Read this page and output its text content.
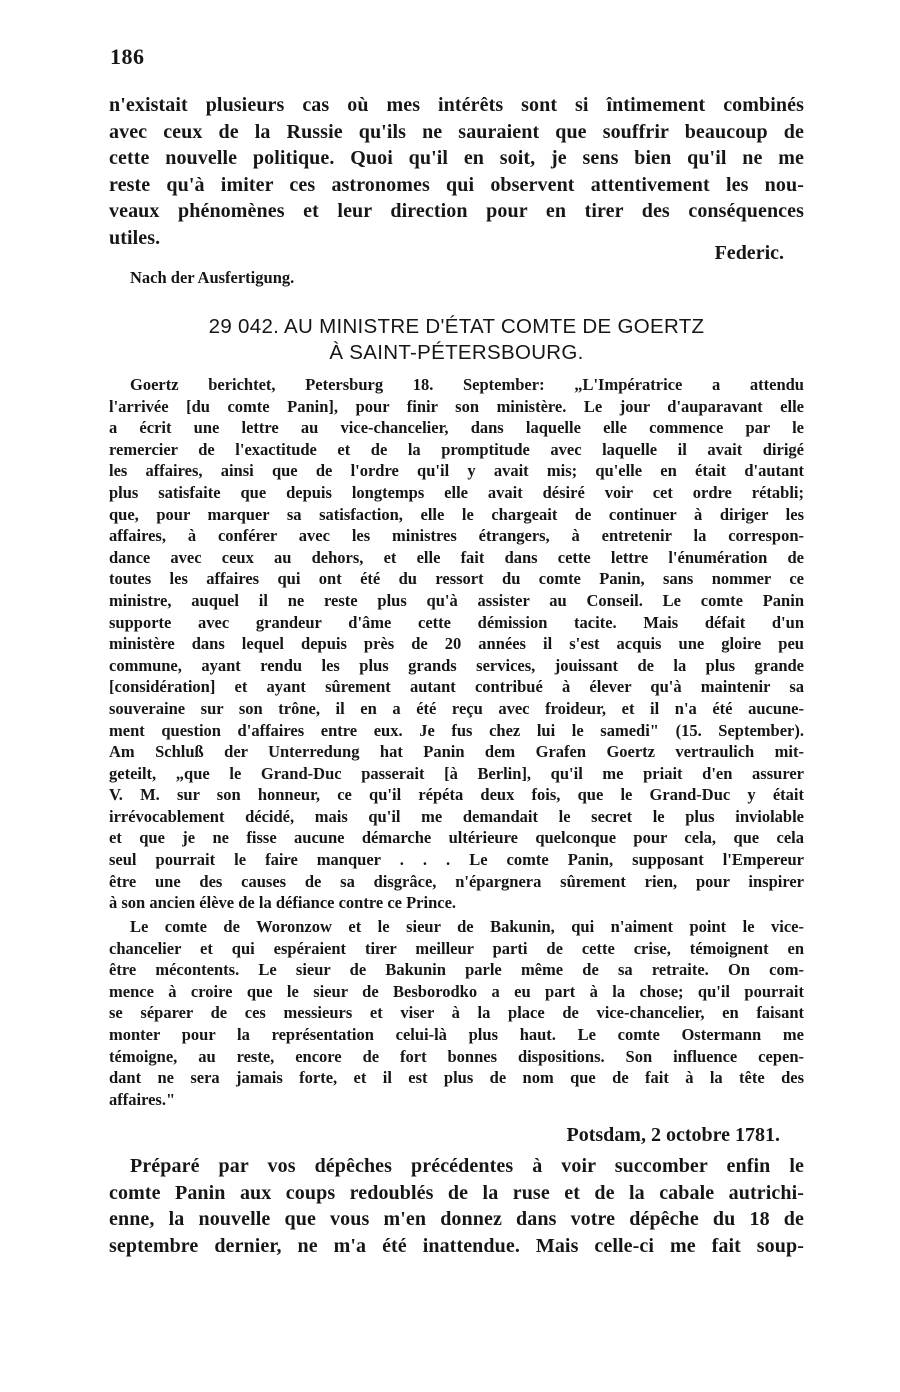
186
n'existait plusieurs cas où mes intérêts sont si întimement combinés
avec ceux de la Russie qu'ils ne sauraient que souffrir beaucoup de
cette nouvelle politique. Quoi qu'il en soit, je sens bien qu'il ne me
reste qu'à imiter ces astronomes qui observent attentivement les nou-
veaux phénomènes et leur direction pour en tirer des conséquences
utiles.
Federic.
Nach der Ausfertigung.
29 042. AU MINISTRE D'ÉTAT COMTE DE GOERTZ
À SAINT-PÉTERSBOURG.
Goertz berichtet, Petersburg 18. September: „L'Impératrice a attendu
l'arrivée [du comte Panin], pour finir son ministère. Le jour d'auparavant elle
a écrit une lettre au vice-chancelier, dans laquelle elle commence par le
remercier de l'exactitude et de la promptitude avec laquelle il avait dirigé
les affaires, ainsi que de l'ordre qu'il y avait mis; qu'elle en était d'autant
plus satisfaite que depuis longtemps elle avait désiré voir cet ordre rétabli;
que, pour marquer sa satisfaction, elle le chargeait de continuer à diriger les
affaires, à conférer avec les ministres étrangers, à entretenir la correspon-
dance avec ceux au dehors, et elle fait dans cette lettre l'énumération de
toutes les affaires qui ont été du ressort du comte Panin, sans nommer ce
ministre, auquel il ne reste plus qu'à assister au Conseil. Le comte Panin
supporte avec grandeur d'âme cette démission tacite. Mais défait d'un
ministère dans lequel depuis près de 20 années il s'est acquis une gloire peu
commune, ayant rendu les plus grands services, jouissant de la plus grande
[considération] et ayant sûrement autant contribué à élever qu'à maintenir sa
souveraine sur son trône, il en a été reçu avec froideur, et il n'a été aucune-
ment question d'affaires entre eux. Je fus chez lui le samedi" (15. September).
Am Schluß der Unterredung hat Panin dem Grafen Goertz vertraulich mit-
geteilt, „que le Grand-Duc passerait [à Berlin], qu'il me priait d'en assurer
V. M. sur son honneur, ce qu'il répéta deux fois, que le Grand-Duc y était
irrévocablement décidé, mais qu'il me demandait le secret le plus inviolable
et que je ne fisse aucune démarche ultérieure quelconque pour cela, que cela
seul pourrait le faire manquer . . . Le comte Panin, supposant l'Empereur
être une des causes de sa disgrâce, n'épargnera sûrement rien, pour inspirer
à son ancien élève de la défiance contre ce Prince.
Le comte de Woronzow et le sieur de Bakunin, qui n'aiment point le vice-
chancelier et qui espéraient tirer meilleur parti de cette crise, témoignent en
être mécontents. Le sieur de Bakunin parle même de sa retraite. On com-
mence à croire que le sieur de Besborodko a eu part à la chose; qu'il pourrait
se séparer de ces messieurs et viser à la place de vice-chancelier, en faisant
monter pour la représentation celui-là plus haut. Le comte Ostermann me
témoigne, au reste, encore de fort bonnes dispositions. Son influence cepen-
dant ne sera jamais forte, et il est plus de nom que de fait à la tête des
affaires."
Potsdam, 2 octobre 1781.
Préparé par vos dépêches précédentes à voir succomber enfin le
comte Panin aux coups redoublés de la ruse et de la cabale autrichi-
enne, la nouvelle que vous m'en donnez dans votre dépêche du 18 de
septembre dernier, ne m'a été inattendue. Mais celle-ci me fait soup-
